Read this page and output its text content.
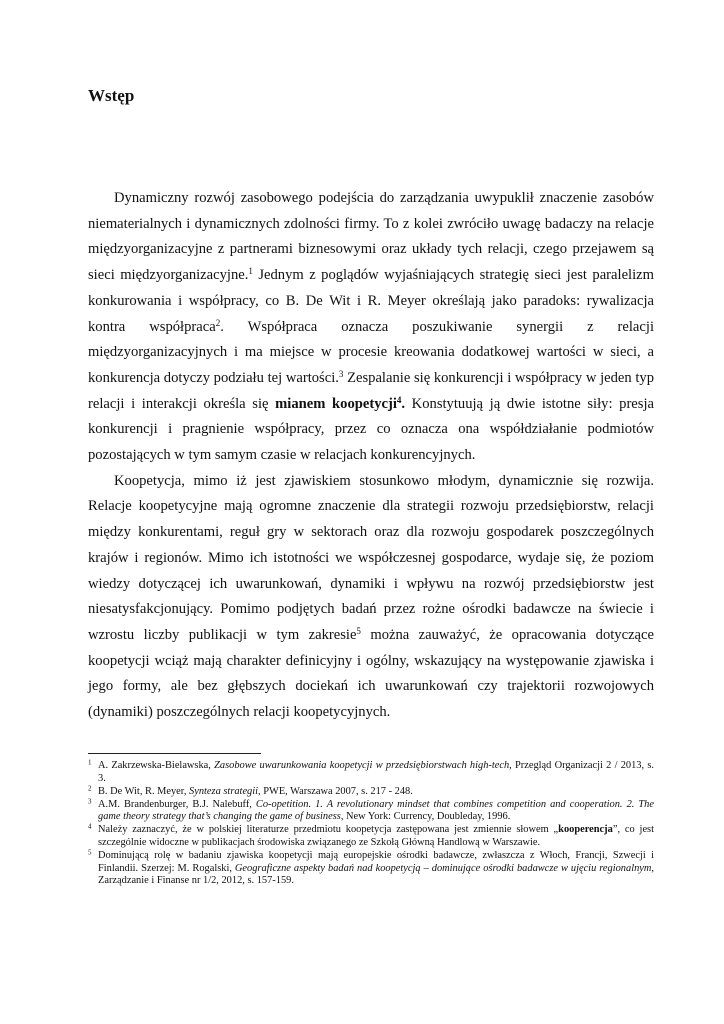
Wstęp

Dynamiczny rozwój zasobowego podejścia do zarządzania uwypuklił znaczenie zasobów niematerialnych i dynamicznych zdolności firmy. To z kolei zwróciło uwagę badaczy na relacje międzyorganizacyjne z partnerami biznesowymi oraz układy tych relacji, czego przejawem są sieci międzyorganizacyjne.$^1$ Jednym z poglądów wyjaśniających strategię sieci jest paralelizm konkurowania i współpracy, co B. De Wit i R. Meyer określają jako paradoks: rywalizacja kontra współpraca$^2$. Współpraca oznacza poszukiwanie synergii z relacji międzyorganizacyjnych i ma miejsce w procesie kreowania dodatkowej wartości w sieci, a konkurencja dotyczy podziału tej wartości.$^3$ Zespalanie się konkurencji i współpracy w jeden typ relacji i interakcji określa się mianem koopetycji$^4$. Konstytuują ją dwie istotne siły: presja konkurencji i pragnienie współpracy, przez co oznacza ona współdziałanie podmiotów pozostających w tym samym czasie w relacjach konkurencyjnych.

Koopetycja, mimo iż jest zjawiskiem stosunkowo młodym, dynamicznie się rozwija. Relacje koopetycyjne mają ogromne znaczenie dla strategii rozwoju przedsiębiorstw, relacji między konkurentami, reguł gry w sektorach oraz dla rozwoju gospodarek poszczególnych krajów i regionów. Mimo ich istotności we współczesnej gospodarce, wydaje się, że poziom wiedzy dotyczącej ich uwarunkowań, dynamiki i wpływu na rozwój przedsiębiorstw jest niesatysfakcjonujący. Pomimo podjętych badań przez rożne ośrodki badawcze na świecie i wzrostu liczby publikacji w tym zakresie$^5$ można zauważyć, że opracowania dotyczące koopetycji wciąż mają charakter definicyjny i ogólny, wskazujący na występowanie zjawiska i jego formy, ale bez głębszych dociekań ich uwarunkowań czy trajektorii rozwojowych (dynamiki) poszczególnych relacji koopetycyjnych.

$^1$ A. Zakrzewska-Bielawska, Zasobowe uwarunkowania koopetycji w przedsiębiorstwach high-tech, Przegląd Organizacji 2 / 2013, s. 3.
$^2$ B. De Wit, R. Meyer, Synteza strategii, PWE, Warszawa 2007, s. 217 - 248.
$^3$ A.M. Brandenburger, B.J. Nalebuff, Co-opetition. 1. A revolutionary mindset that combines competition and cooperation. 2. The game theory strategy that’s changing the game of business, New York: Currency, Doubleday, 1996.
$^4$ Należy zaznaczyć, że w polskiej literaturze przedmiotu koopetycja zastępowana jest zmiennie słowem „kooperencja”, co jest szczególnie widoczne w publikacjach środowiska związanego ze Szkołą Główną Handlową w Warszawie.
$^5$ Dominującą rolę w badaniu zjawiska koopetycji mają europejskie ośrodki badawcze, zwłaszcza z Włoch, Francji, Szwecji i Finlandii. Szerzej: M. Rogalski, Geograficzne aspekty badań nad koopetycją – dominujące ośrodki badawcze w ujęciu regionalnym, Zarządzanie i Finanse nr 1/2, 2012, s. 157-159.
